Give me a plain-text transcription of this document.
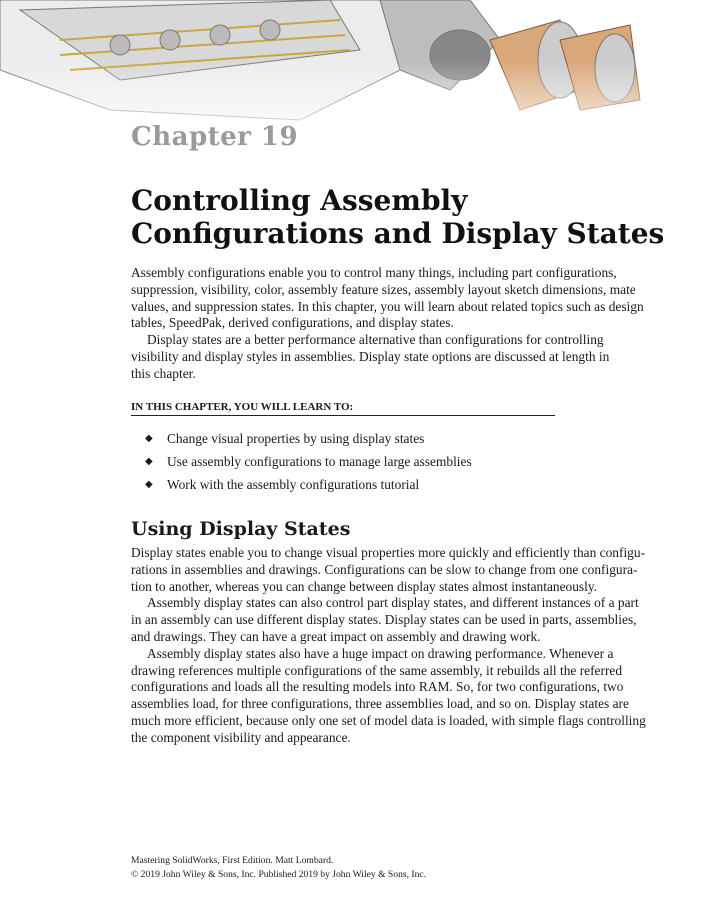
Chapter 19
Controlling Assembly
Configurations and Display States
Assembly configurations enable you to control many things, including part configurations,
suppression, visibility, color, assembly feature sizes, assembly layout sketch dimensions, mate
values, and suppression states. In this chapter, you will learn about related topics such as design
tables, SpeedPak, derived configurations, and display states.
Display states are a better performance alternative than configurations for controlling
visibility and display styles in assemblies. Display state options are discussed at length in
this chapter.
IN THIS CHAPTER, YOU WILL LEARN TO:
◆	Change visual properties by using display states
◆	Use assembly configurations to manage large assemblies
◆	Work with the assembly configurations tutorial
Using Display States
Display states enable you to change visual properties more quickly and efficiently than configu-
rations in assemblies and drawings. Configurations can be slow to change from one configura-
tion to another, whereas you can change between display states almost instantaneously.
Assembly display states can also control part display states, and different instances of a part
in an assembly can use different display states. Display states can be used in parts, assemblies,
and drawings. They can have a great impact on assembly and drawing work.
Assembly display states also have a huge impact on drawing performance. Whenever a
drawing references multiple configurations of the same assembly, it rebuilds all the referred
configurations and loads all the resulting models into RAM. So, for two configurations, two
assemblies load, for three configurations, three assemblies load, and so on. Display states are
much more efficient, because only one set of model data is loaded, with simple flags controlling
the component visibility and appearance.
Mastering SolidWorks, First Edition. Matt Lombard.
© 2019 John Wiley & Sons, Inc. Published 2019 by John Wiley & Sons, Inc.
